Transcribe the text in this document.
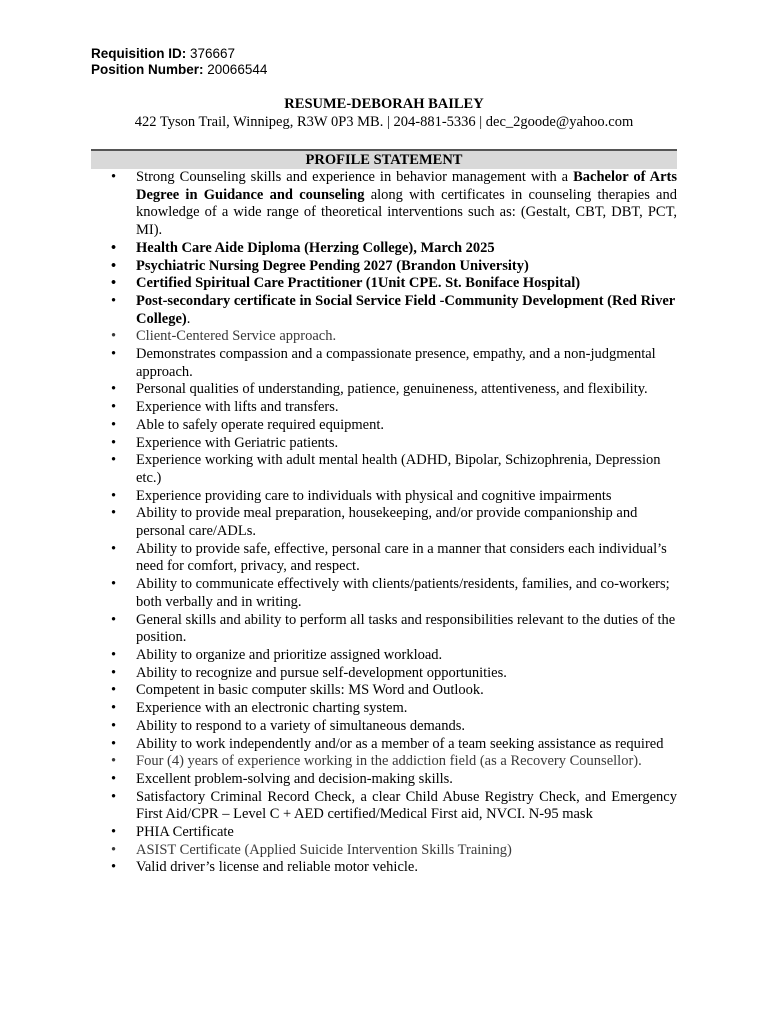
Requisition ID: 376667
Position Number: 20066544
RESUME-DEBORAH BAILEY
422 Tyson Trail, Winnipeg, R3W 0P3 MB. | 204-881-5336 | dec_2goode@yahoo.com
PROFILE STATEMENT
• Strong Counseling skills and experience in behavior management with a Bachelor of Arts Degree in Guidance and counseling along with certificates in counseling therapies and knowledge of a wide range of theoretical interventions such as: (Gestalt, CBT, DBT, PCT, MI).
• Health Care Aide Diploma (Herzing College), March 2025
• Psychiatric Nursing Degree Pending 2027 (Brandon University)
• Certified Spiritual Care Practitioner (1Unit CPE. St. Boniface Hospital)
• Post-secondary certificate in Social Service Field -Community Development (Red River College).
• Client-Centered Service approach.
• Demonstrates compassion and a compassionate presence, empathy, and a non-judgmental approach.
• Personal qualities of understanding, patience, genuineness, attentiveness, and flexibility.
• Experience with lifts and transfers.
• Able to safely operate required equipment.
• Experience with Geriatric patients.
• Experience working with adult mental health (ADHD, Bipolar, Schizophrenia, Depression etc.)
• Experience providing care to individuals with physical and cognitive impairments
• Ability to provide meal preparation, housekeeping, and/or provide companionship and personal care/ADLs.
• Ability to provide safe, effective, personal care in a manner that considers each individual’s need for comfort, privacy, and respect.
• Ability to communicate effectively with clients/patients/residents, families, and co-workers; both verbally and in writing.
• General skills and ability to perform all tasks and responsibilities relevant to the duties of the position.
• Ability to organize and prioritize assigned workload.
• Ability to recognize and pursue self-development opportunities.
• Competent in basic computer skills: MS Word and Outlook.
• Experience with an electronic charting system.
• Ability to respond to a variety of simultaneous demands.
• Ability to work independently and/or as a member of a team seeking assistance as required
• Four (4) years of experience working in the addiction field (as a Recovery Counsellor).
• Excellent problem-solving and decision-making skills.
• Satisfactory Criminal Record Check, a clear Child Abuse Registry Check, and Emergency First Aid/CPR – Level C + AED certified/Medical First aid, NVCI. N-95 mask
• PHIA Certificate
• ASIST Certificate (Applied Suicide Intervention Skills Training)
• Valid driver’s license and reliable motor vehicle.
